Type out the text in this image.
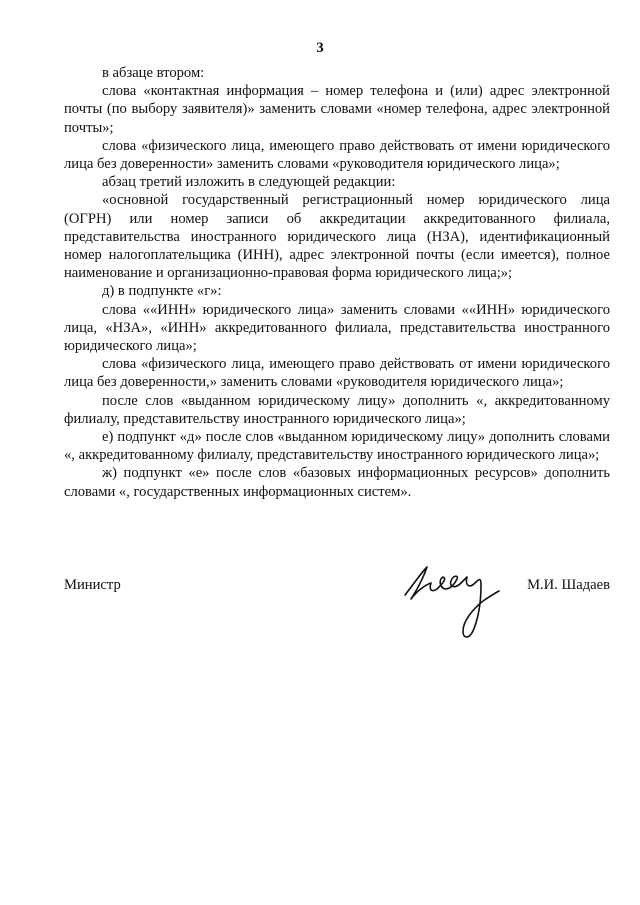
3

в абзаце втором:

слова «контактная информация – номер телефона и (или) адрес электронной почты (по выбору заявителя)» заменить словами «номер телефона, адрес электронной почты»;

слова «физического лица, имеющего право действовать от имени юридического лица без доверенности» заменить словами «руководителя юридического лица»;

абзац третий изложить в следующей редакции:

«основной государственный регистрационный номер юридического лица (ОГРН) или номер записи об аккредитации аккредитованного филиала, представительства иностранного юридического лица (НЗА), идентификационный номер налогоплательщика (ИНН), адрес электронной почты (если имеется), полное наименование и организационно-правовая форма юридического лица;»;

д) в подпункте «г»:

слова ««ИНН» юридического лица» заменить словами ««ИНН» юридического лица, «НЗА», «ИНН» аккредитованного филиала, представительства иностранного юридического лица»;

слова «физического лица, имеющего право действовать от имени юридического лица без доверенности,» заменить словами «руководителя юридического лица»;

после слов «выданном юридическому лицу» дополнить «, аккредитованному филиалу, представительству иностранного юридического лица»;

е) подпункт «д» после слов «выданном юридическому лицу» дополнить словами «, аккредитованному филиалу, представительству иностранного юридического лица»;

ж) подпункт «е» после слов «базовых информационных ресурсов» дополнить словами «, государственных информационных систем».

Министр	М.И. Шадаев
